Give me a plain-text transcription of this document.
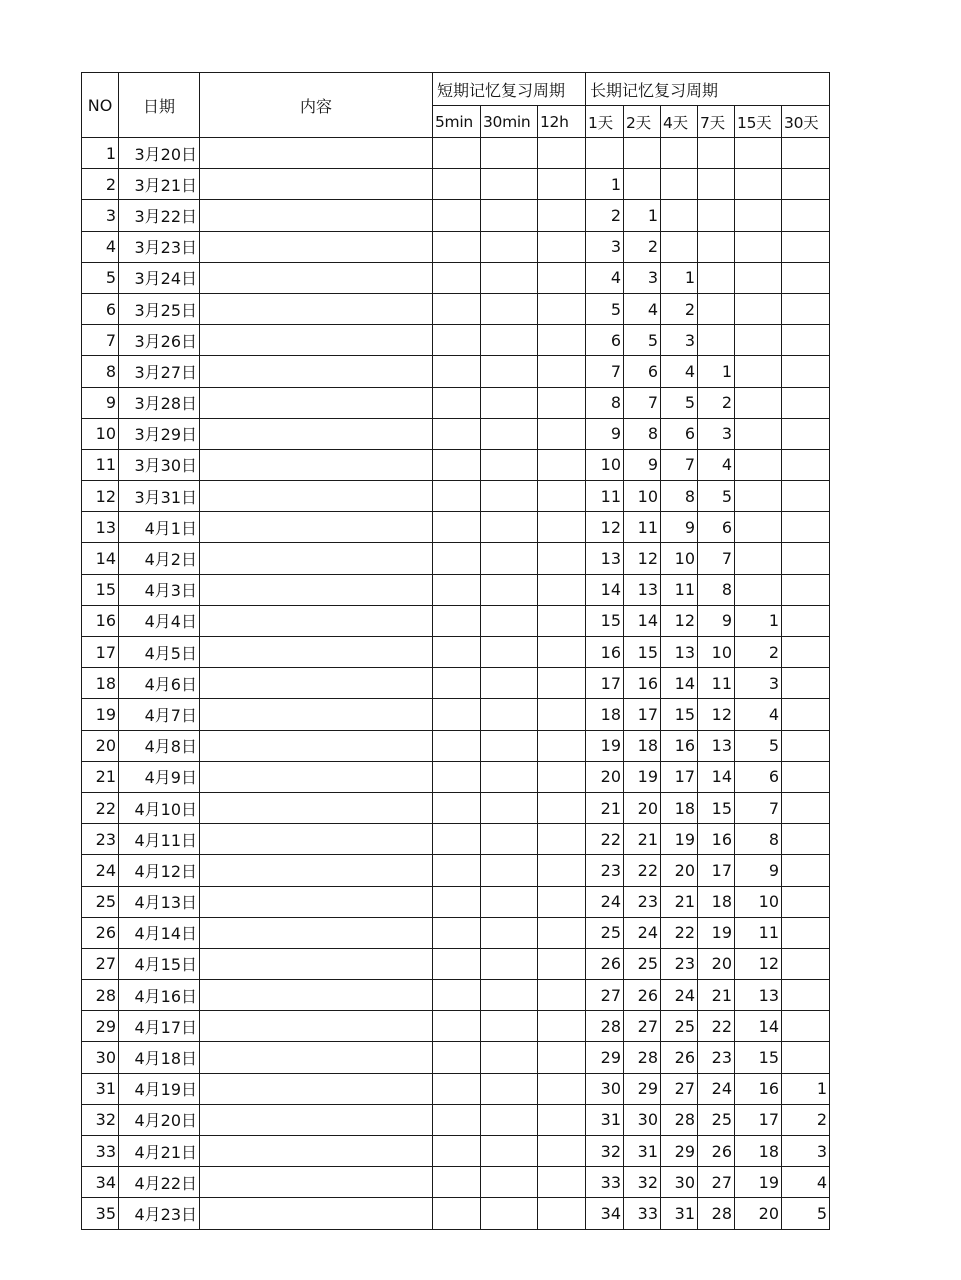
NO	日期	内容	短期记忆复习周期			长期记忆复习周期					
			5min	30min	12h	1天	2天	4天	7天	15天	30天
1	3月20日										
2	3月21日					1					
3	3月22日					2	1				
4	3月23日					3	2				
5	3月24日					4	3	1			
6	3月25日					5	4	2			
7	3月26日					6	5	3			
8	3月27日					7	6	4	1		
9	3月28日					8	7	5	2		
10	3月29日					9	8	6	3		
11	3月30日					10	9	7	4		
12	3月31日					11	10	8	5		
13	4月1日					12	11	9	6		
14	4月2日					13	12	10	7		
15	4月3日					14	13	11	8		
16	4月4日					15	14	12	9	1	
17	4月5日					16	15	13	10	2	
18	4月6日					17	16	14	11	3	
19	4月7日					18	17	15	12	4	
20	4月8日					19	18	16	13	5	
21	4月9日					20	19	17	14	6	
22	4月10日					21	20	18	15	7	
23	4月11日					22	21	19	16	8	
24	4月12日					23	22	20	17	9	
25	4月13日					24	23	21	18	10	
26	4月14日					25	24	22	19	11	
27	4月15日					26	25	23	20	12	
28	4月16日					27	26	24	21	13	
29	4月17日					28	27	25	22	14	
30	4月18日					29	28	26	23	15	
31	4月19日					30	29	27	24	16	1
32	4月20日					31	30	28	25	17	2
33	4月21日					32	31	29	26	18	3
34	4月22日					33	32	30	27	19	4
35	4月23日					34	33	31	28	20	5
